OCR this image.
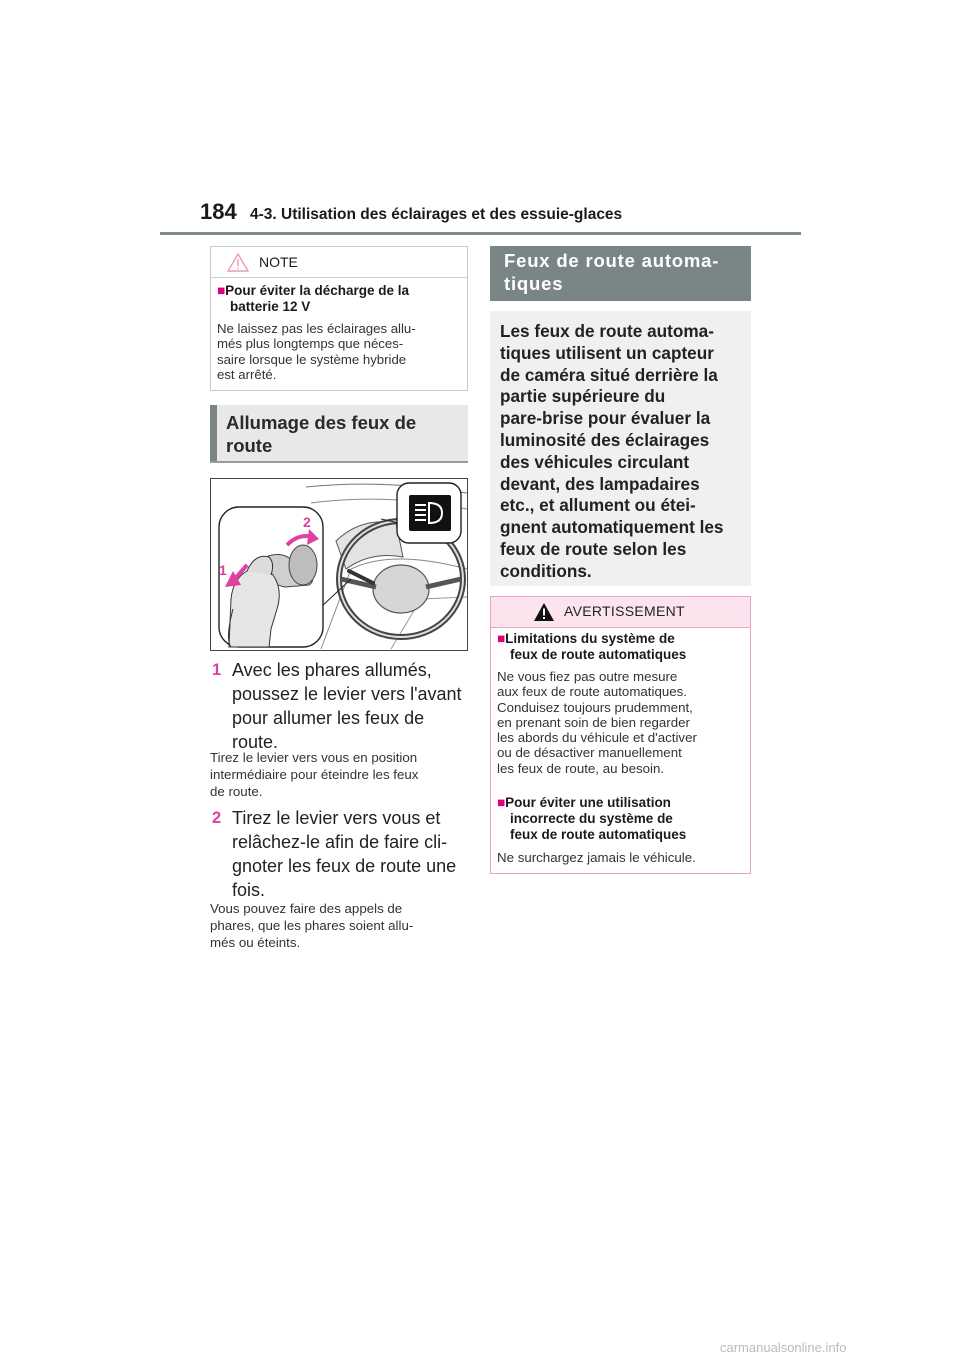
184 4-3. Utilisation des éclairages et des essuie-glaces
NOTE
■Pour éviter la décharge de la
batterie 12 V
Ne laissez pas les éclairages allu-
més plus longtemps que néces-
saire lorsque le système hybride
est arrêté.
Allumage des feux de
route
1
2
1 Avec les phares allumés,
poussez le levier vers l'avant
pour allumer les feux de
route.
Tirez le levier vers vous en position
intermédiaire pour éteindre les feux
de route.
2 Tirez le levier vers vous et
relâchez-le afin de faire cli-
gnoter les feux de route une
fois.
Vous pouvez faire des appels de
phares, que les phares soient allu-
més ou éteints.
Feux de route automa-
tiques
Les feux de route automa-
tiques utilisent un capteur
de caméra situé derrière la
partie supérieure du
pare-brise pour évaluer la
luminosité des éclairages
des véhicules circulant
devant, des lampadaires
etc., et allument ou étei-
gnent automatiquement les
feux de route selon les
conditions.
AVERTISSEMENT
■Limitations du système de
feux de route automatiques
Ne vous fiez pas outre mesure
aux feux de route automatiques.
Conduisez toujours prudemment,
en prenant soin de bien regarder
les abords du véhicule et d'activer
ou de désactiver manuellement
les feux de route, au besoin.
■Pour éviter une utilisation
incorrecte du système de
feux de route automatiques
Ne surchargez jamais le véhicule.
carmanualsonline.info
